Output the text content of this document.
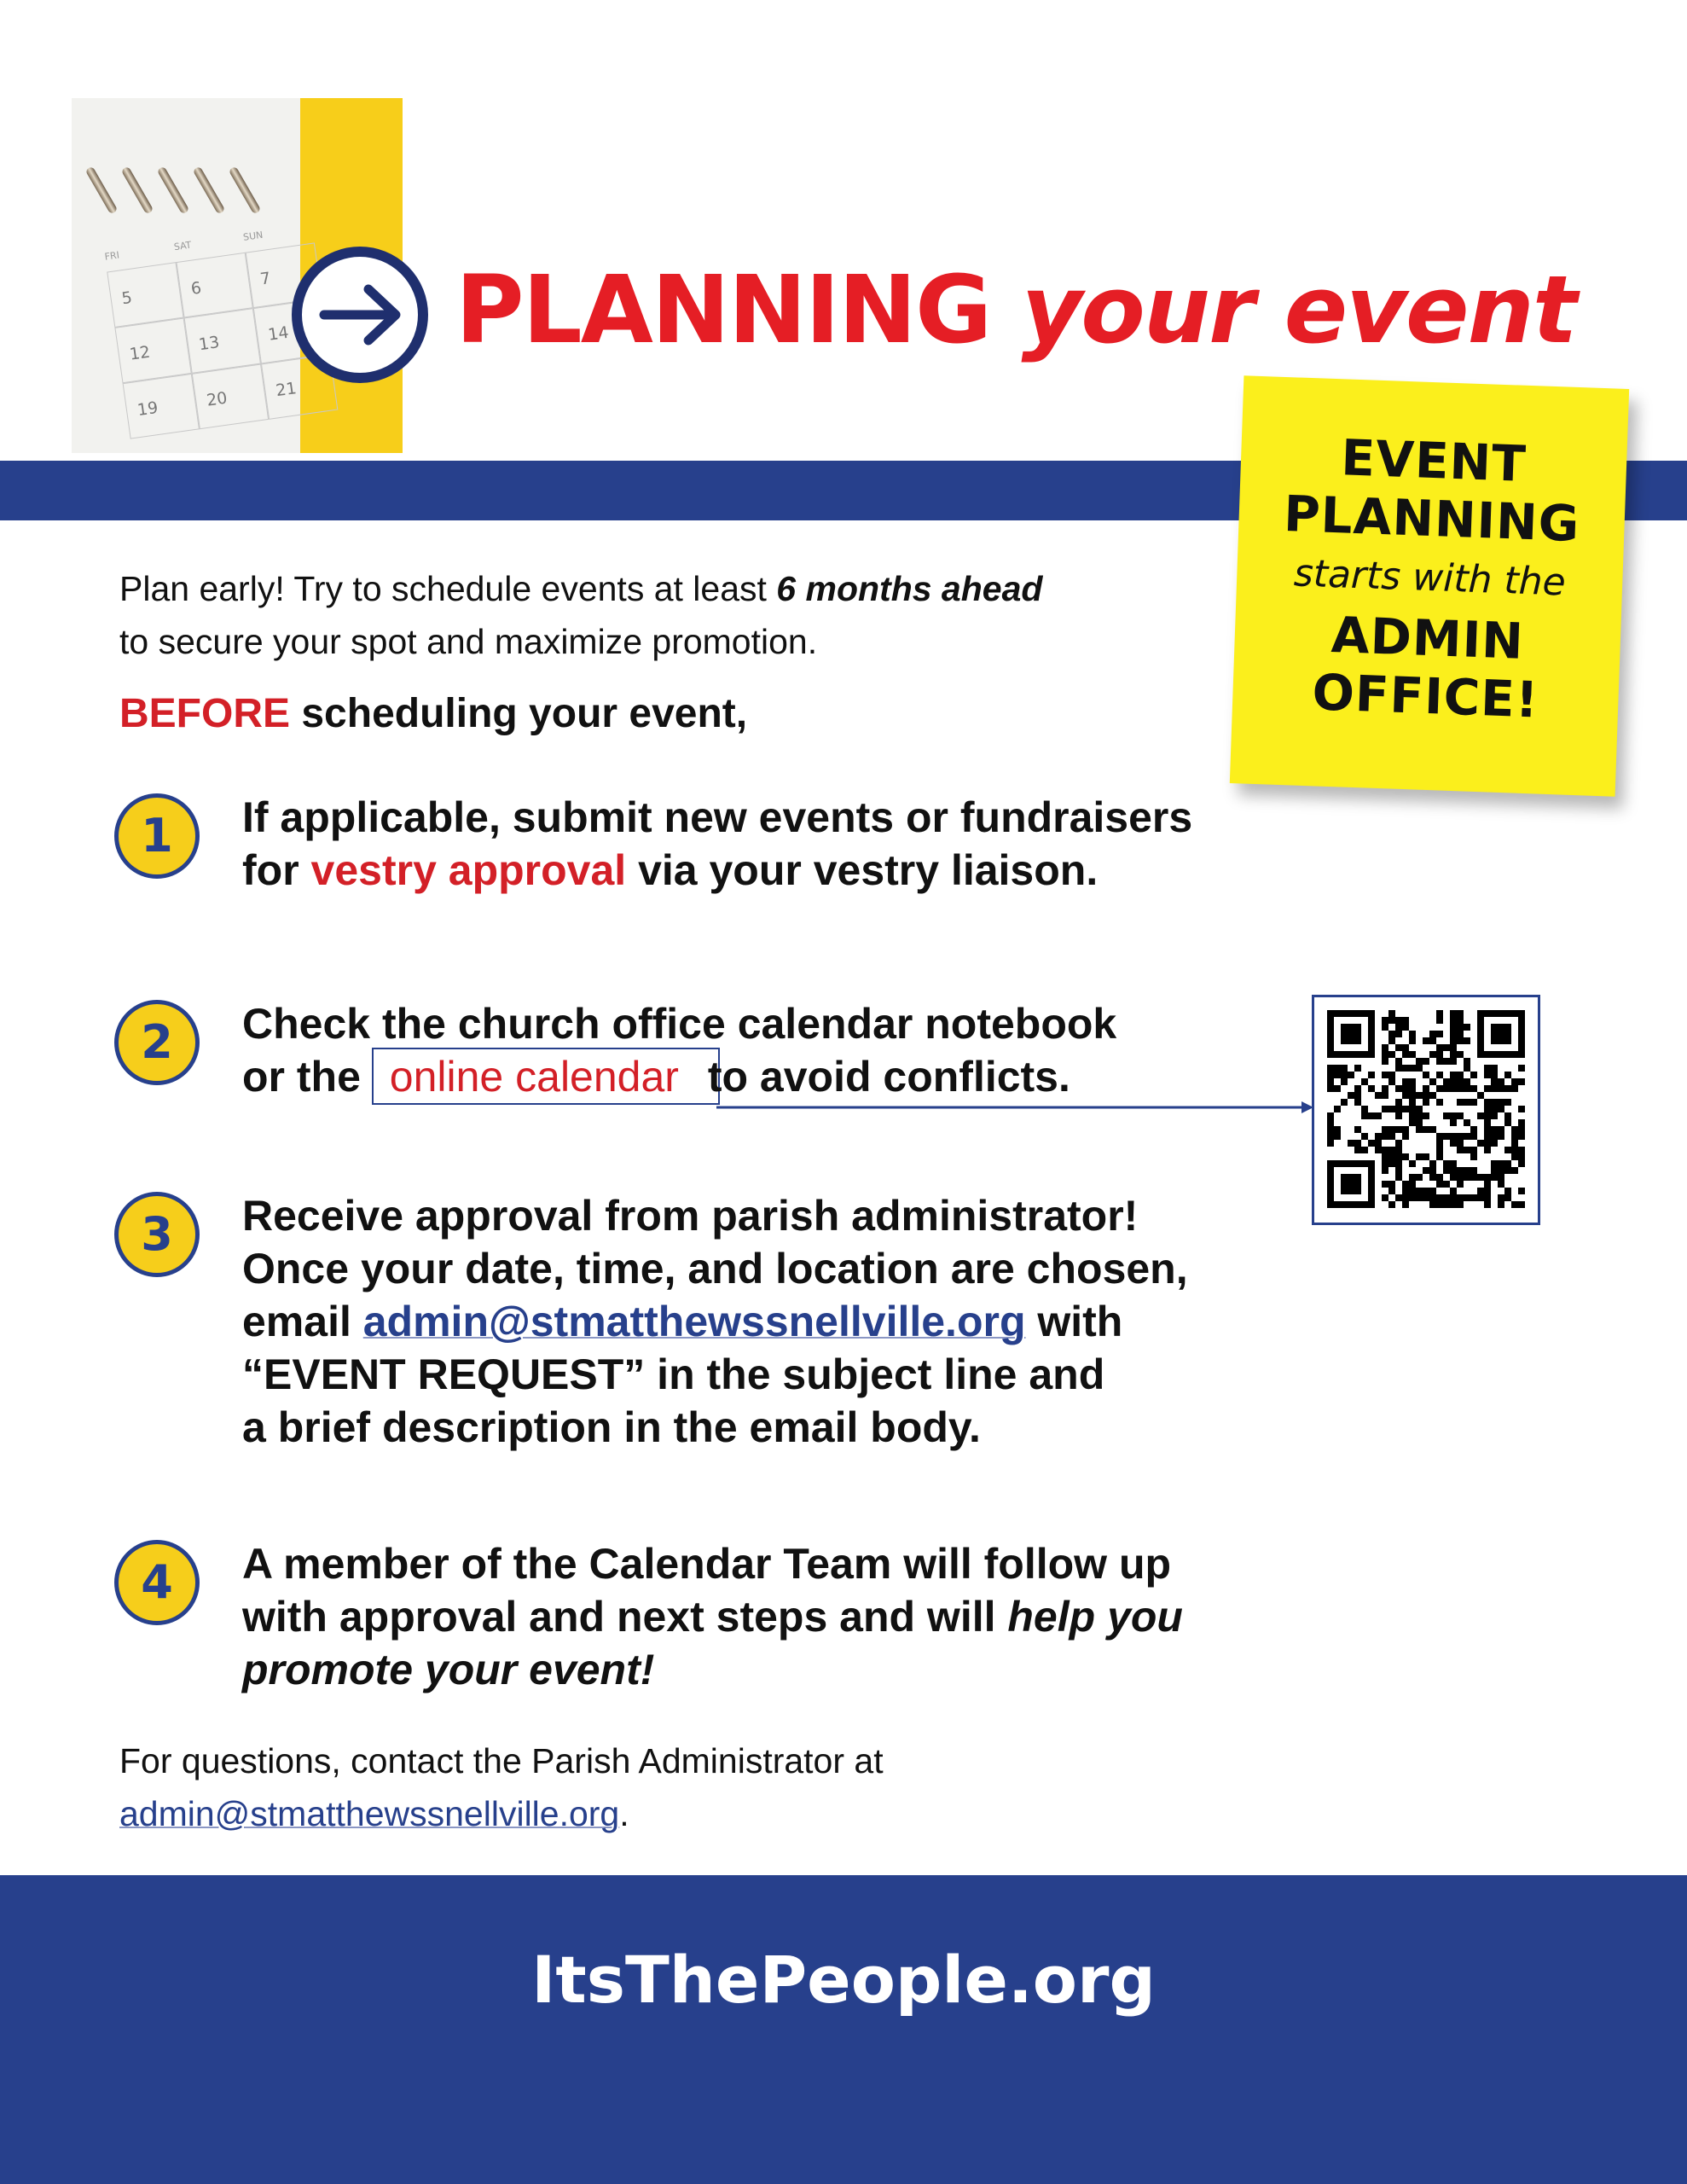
FRI
SAT
SUN
5	6	7
12	13	14
19	20	21
PLANNING your event
EVENT
PLANNING
starts with the
ADMIN
OFFICE!
Plan early! Try to schedule events at least 6 months ahead
to secure your spot and maximize promotion.
BEFORE scheduling your event,
1	If applicable, submit new events or fundraisers
for vestry approval via your vestry liaison.
2	Check the church office calendar notebook
or the online calendar to avoid conflicts.
3	Receive approval from parish administrator!
Once your date, time, and location are chosen,
email admin@stmatthewssnellville.org with
“EVENT REQUEST” in the subject line and
a brief description in the email body.
4	A member of the Calendar Team will follow up
with approval and next steps and will help you
promote your event!
For questions, contact the Parish Administrator at
admin@stmatthewssnellville.org.
ItsThePeople.org
